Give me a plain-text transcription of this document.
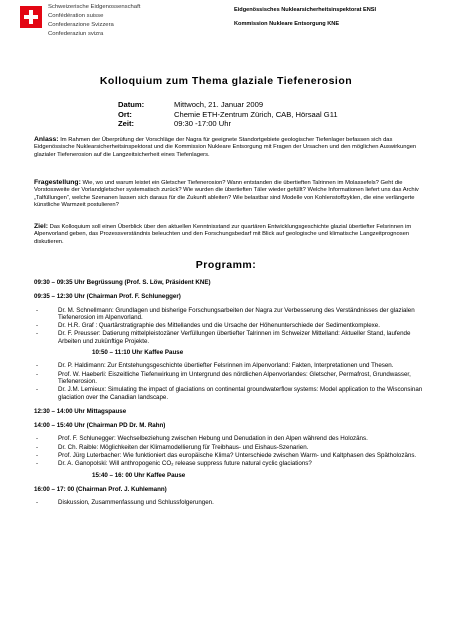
Schweizerische Eidgenossenschaft
Confédération suisse
Confederazione Svizzera
Confederaziun svizra
Eidgenössisches Nuklearsicherheitsinspektorat ENSI
Kommission Nukleare Entsorgung KNE
Kolloquium zum Thema glaziale Tiefenerosion
Datum:	Mittwoch, 21. Januar 2009
Ort:	Chemie ETH-Zentrum Zürich, CAB, Hörsaal G11
Zeit:	09:30 -17:00 Uhr
Anlass: Im Rahmen der Überprüfung der Vorschläge der Nagra für geeignete Standortgebiete geologischer Tiefenlager befassen sich das Eidgenössische Nuklearsicherheitsinspektorat und die Kommission Nukleare Entsorgung mit Fragen der Ursachen und den möglichen Auswirkungen glazialer Tiefenerosion auf die Langzeitsicherheit eines Tiefenlagers.
Fragestellung: Wie, wo und warum leistet ein Gletscher Tiefenerosion? Wann entstanden die übertieften Talrinnen im Molassefels? Geht die Vorstossweite der Vorlandgletscher systematisch zurück? Wie wurden die übertieften Täler wieder gefüllt? Welche Informationen liefert uns das Archiv „Talfüllungen“, welche Szenanen lassen sich daraus für die Zukunft ableiten? Wie belastbar sind Modelle von Kohlenstoffzyklen, die eine verlängerte künstliche Warmzeit postulieren?
Ziel: Das Kolloquium soll einen Überblick über den aktuellen Kenntnisstand zur quartären Entwicklungsgeschichte glazial übertiefter Felsrinnen im Alpenvorland geben, das Prozessverständnis beleuchten und den Forschungsbedarf mit Blick auf geologische und klimatische Langzeitprognosen diskutieren.
Programm:
09:30 – 09:35 Uhr Begrüssung (Prof. S. Löw, Präsident KNE)
09:35 – 12:30 Uhr (Chairman Prof. F. Schlunegger)
-	Dr. M. Schnellmann: Grundlagen und bisherige Forschungsarbeiten der Nagra zur Verbesserung des Verständnisses der glazialen Tiefenerosion im Alpenvorland.
-	Dr. H.R. Graf : Quartärstratigraphie des Mittellandes und die Ursache der Höhenunterschiede der Sedimentkomplexe.
-	Dr. F. Preusser: Datierung mittelpleistozäner Verfüllungen übertiefter Talrinnen im Schweizer Mittelland: Aktueller Stand, laufende Arbeiten und zukünftige Projekte.
10:50 – 11:10 Uhr Kaffee Pause
-	Dr. P. Haldimann: Zur Entstehungsgeschichte übertiefter Felsrinnen im Alpenvorland: Fakten, Interpretationen und Thesen.
-	Prof. W. Haeberli: Eiszeitliche Tiefenwirkung im Untergrund des nördlichen Alpenvorlandes: Gletscher, Permafrost, Grundwasser, Tiefenerosion.
-	Dr. J.M. Lemieux: Simulating the impact of glaciations on continental groundwaterflow systems: Model application to the Wisconsinan glaciation over the Canadian landscape.
12:30 – 14:00 Uhr Mittagspause
14:00 – 15:40 Uhr (Chairman PD Dr. M. Rahn)
-	Prof. F. Schlunegger: Wechselbeziehung zwischen Hebung und Denudation in den Alpen während des Holozäns.
-	Dr. Ch. Raible: Möglichkeiten der Klimamodellierung für Treibhaus- und Eishaus-Szenarien.
-	Prof. Jürg Luterbacher: Wie funktioniert das europäische Klima? Unterschiede zwischen Warm- und Kaltphasen des Spätholozäns.
-	Dr. A. Ganopolski: Will anthropogenic CO₂ release suppress future natural cyclic glaciations?
15:40 – 16: 00 Uhr Kaffee Pause
16:00 – 17: 00 (Chairman Prof. J. Kuhlemann)
-	Diskussion, Zusammenfassung und Schlussfolgerungen.
